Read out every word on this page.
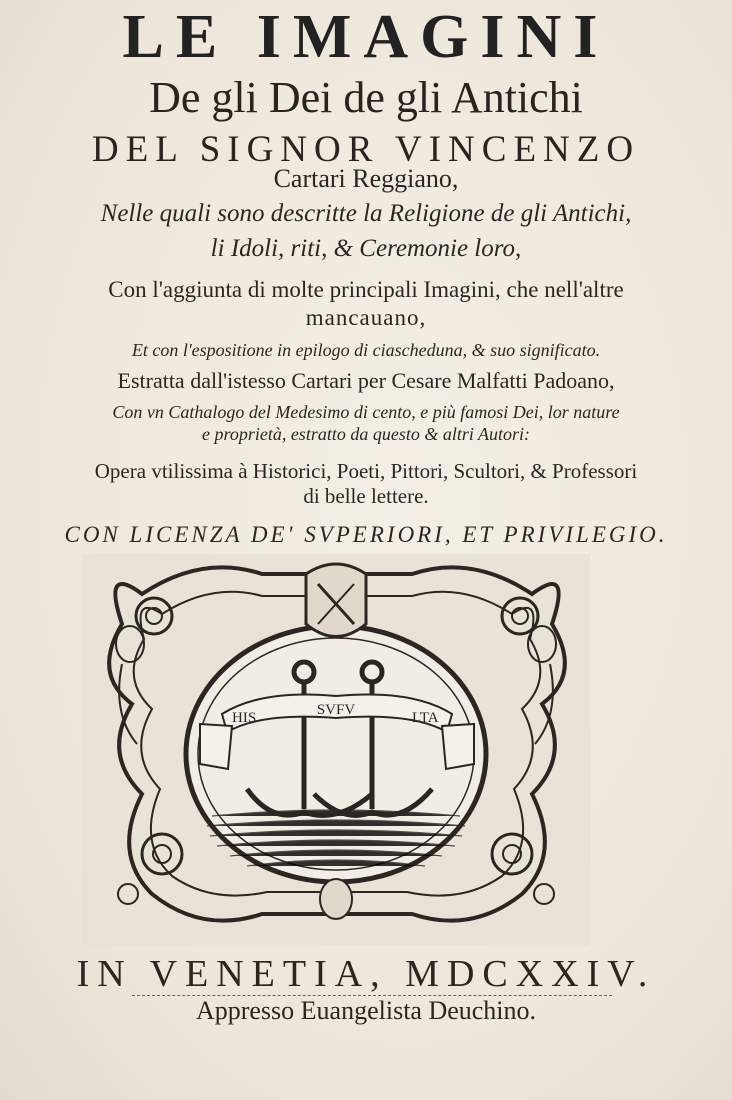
LE IMAGINI
De gli Dei de gli Antichi
DEL SIGNOR VINCENZO
Cartari Reggiano,
Nelle quali sono descritte la Religione de gli Antichi,
li Idoli, riti, & Ceremonie loro,
Con l'aggiunta di molte principali Imagini, che nell'altre
mancauano,
Et con l'espositione in epilogo di ciascheduna, & suo significato.
Estratta dall'istesso Cartari per Cesare Malfatti Padoano,
Con vn Cathalogo del Medesimo di cento, e più famosi Dei, lor nature
e proprietà, estratto da questo & altri Autori:
Opera vtilissima à Historici, Poeti, Pittori, Scultori, & Professori
di belle lettere.
CON LICENZA DE' SVPERIORI, ET PRIVILEGIO.
HIS	SVFV	LTA
IN VENETIA, MDCXXIV.
Appresso Euangelista Deuchino.
